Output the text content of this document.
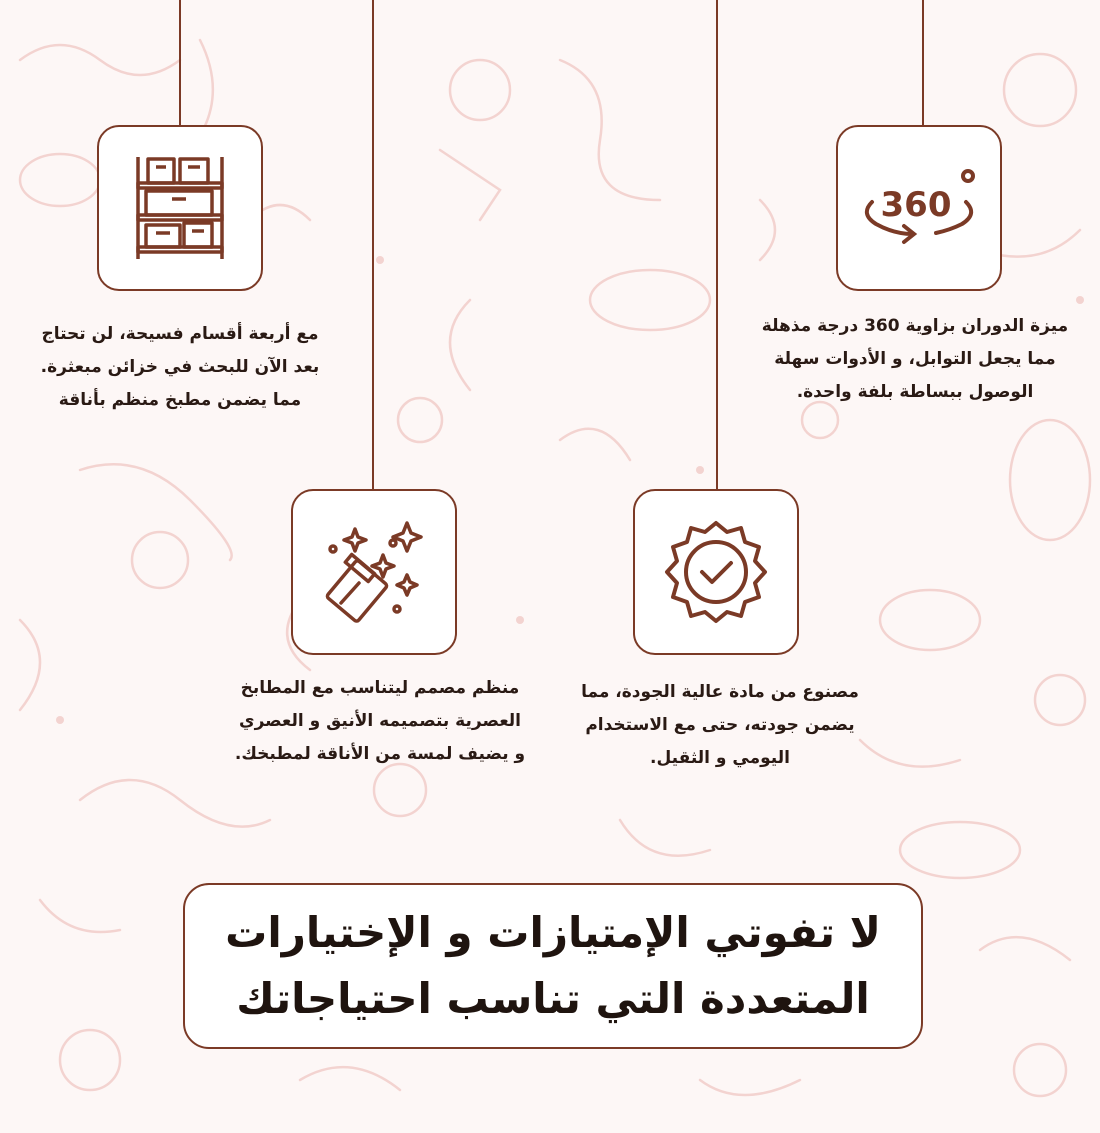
مع أربعة أقسام فسيحة، لن تحتاج
بعد الآن للبحث في خزائن مبعثرة.
مما يضمن مطبخ منظم بأناقة
360
ميزة الدوران بزاوية 360 درجة مذهلة
مما يجعل التوابل، و الأدوات سهلة
الوصول ببساطة بلفة واحدة.
منظم مصمم ليتناسب مع المطابخ
العصرية بتصميمه الأنيق و العصري
و يضيف لمسة من الأناقة لمطبخك.
مصنوع من مادة عالية الجودة، مما
يضمن جودته، حتى مع الاستخدام
اليومي و الثقيل.
لا تفوتي الإمتيازات و الإختيارات
المتعددة التي تناسب احتياجاتك
